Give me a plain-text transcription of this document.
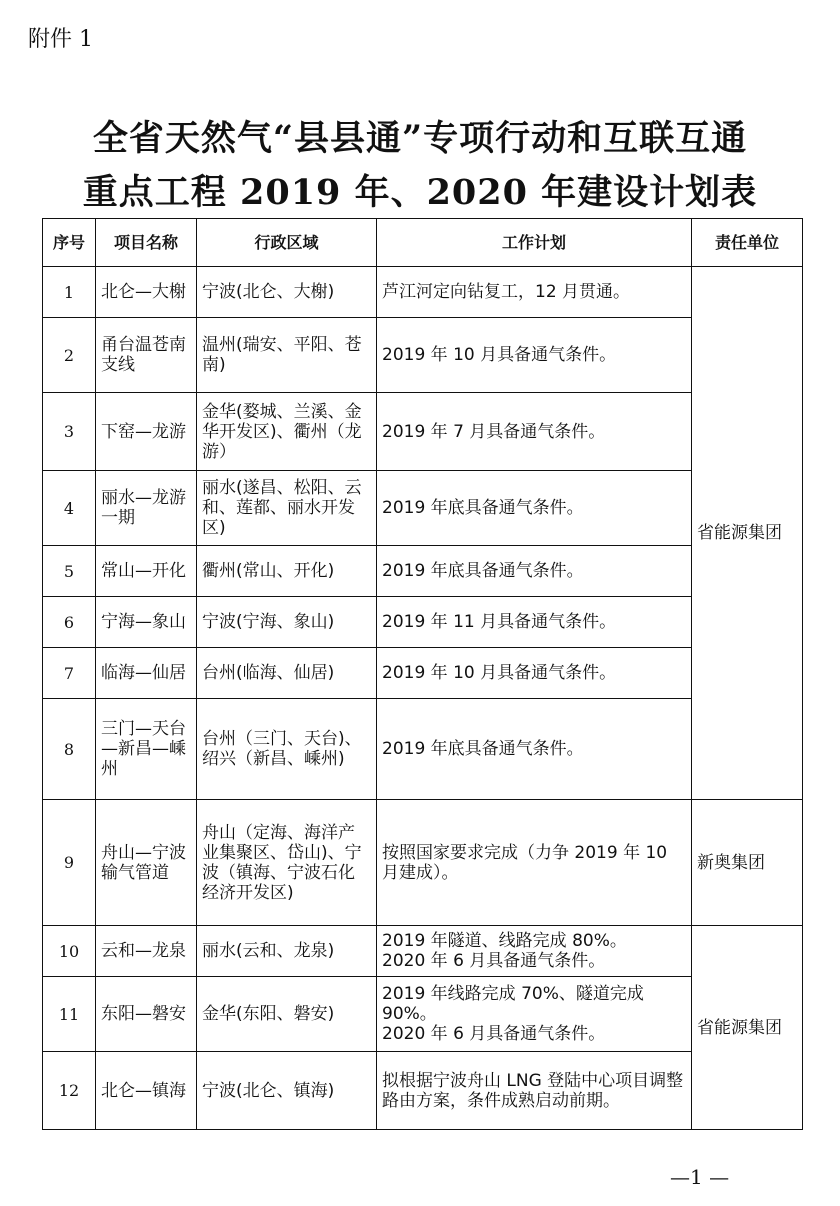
附件 1
全省天然气“县县通”专项行动和互联互通
重点工程 2019 年、2020 年建设计划表
序号	项目名称	行政区域	工作计划	责任单位
1	北仑—大榭	宁波(北仑、大榭)	芦江河定向钻复工，12 月贯通。	省能源集团
2	甬台温苍南支线	温州(瑞安、平阳、苍南)	2019 年 10 月具备通气条件。	

3	下窑—龙游	金华(婺城、兰溪、金华开发区)、衢州（龙游）	2019 年 7 月具备通气条件。	

4	丽水—龙游一期	丽水(遂昌、松阳、云和、莲都、丽水开发区)	2019 年底具备通气条件。	

5	常山—开化	衢州(常山、开化)	2019 年底具备通气条件。	

6	宁海—象山	宁波(宁海、象山)	2019 年 11 月具备通气条件。	

7	临海—仙居	台州(临海、仙居)	2019 年 10 月具备通气条件。	

8	三门—天台—新昌—嵊州	台州（三门、天台)、绍兴（新昌、嵊州)	2019 年底具备通气条件。	

9	舟山—宁波输气管道	舟山（定海、海洋产业集聚区、岱山)、宁波（镇海、宁波石化经济开发区)	按照国家要求完成（力争 2019 年 10 月建成）。	新奥集团
10	云和—龙泉	丽水(云和、龙泉)	2019 年隧道、线路完成 80%。
2020 年 6 月具备通气条件。	省能源集团
11	东阳—磐安	金华(东阳、磐安)	2019 年线路完成 70%、隧道完成 90%。
2020 年 6 月具备通气条件。	

12	北仑—镇海	宁波(北仑、镇海)	拟根据宁波舟山 LNG 登陆中心项目调整路由方案，条件成熟启动前期。	
—1 —
